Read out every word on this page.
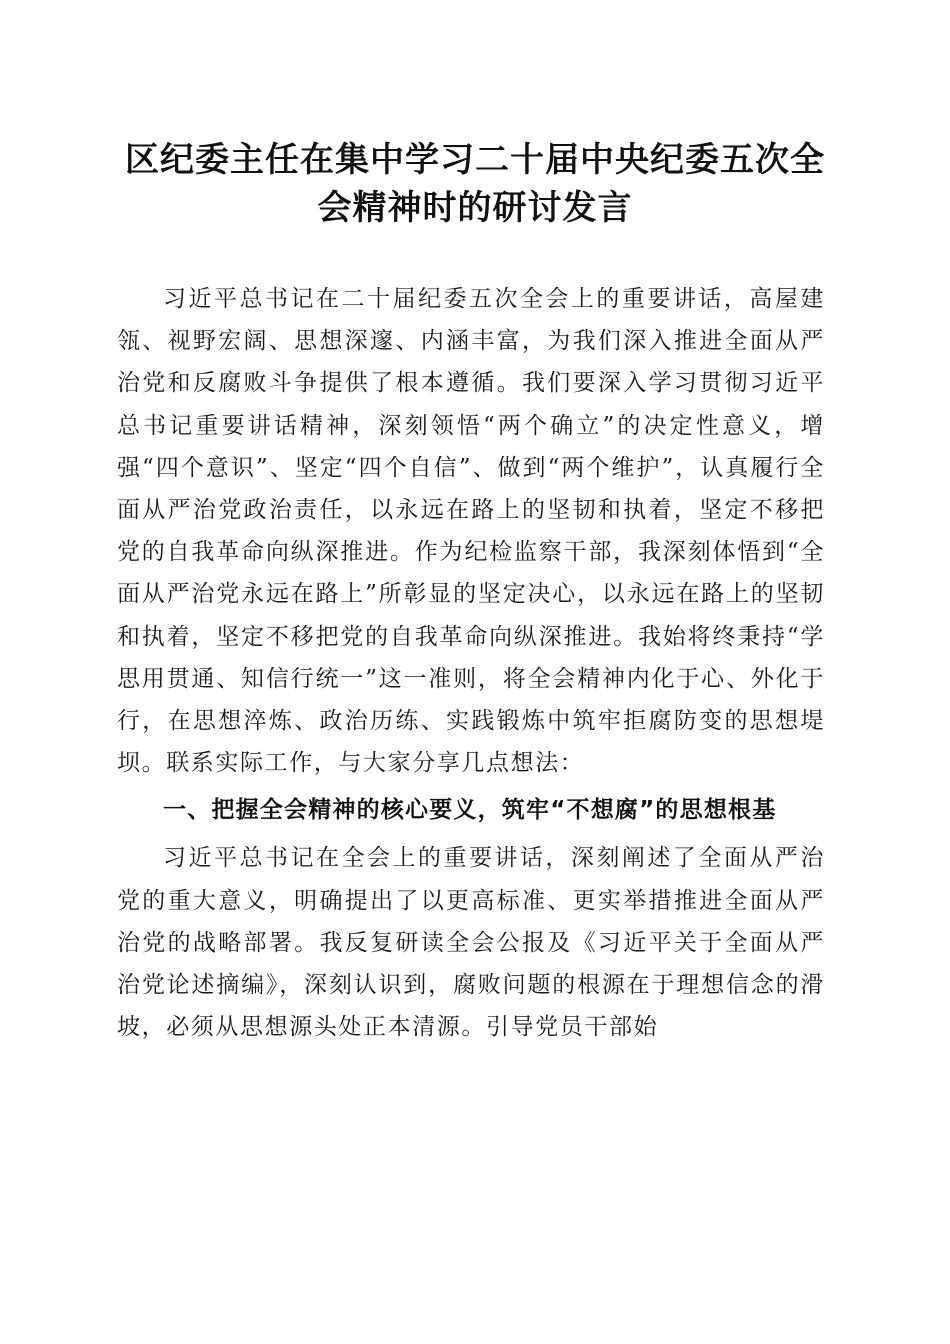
区纪委主任在集中学习二十届中央纪委五次全会精神时的研讨发言

习近平总书记在二十届纪委五次全会上的重要讲话，高屋建瓴、视野宏阔、思想深邃、内涵丰富，为我们深入推进全面从严治党和反腐败斗争提供了根本遵循。我们要深入学习贯彻习近平总书记重要讲话精神，深刻领悟“两个确立”的决定性意义，增强“四个意识”、坚定“四个自信”、做到“两个维护”，认真履行全面从严治党政治责任，以永远在路上的坚韧和执着，坚定不移把党的自我革命向纵深推进。作为纪检监察干部，我深刻体悟到“全面从严治党永远在路上”所彰显的坚定决心，以永远在路上的坚韧和执着，坚定不移把党的自我革命向纵深推进。我始将终秉持“学思用贯通、知信行统一”这一准则，将全会精神内化于心、外化于行，在思想淬炼、政治历练、实践锻炼中筑牢拒腐防变的思想堤坝。联系实际工作，与大家分享几点想法：

一、把握全会精神的核心要义，筑牢“不想腐”的思想根基

习近平总书记在全会上的重要讲话，深刻阐述了全面从严治党的重大意义，明确提出了以更高标准、更实举措推进全面从严治党的战略部署。我反复研读全会公报及《习近平关于全面从严治党论述摘编》，深刻认识到，腐败问题的根源在于理想信念的滑坡，必须从思想源头处正本清源。引导党员干部始
